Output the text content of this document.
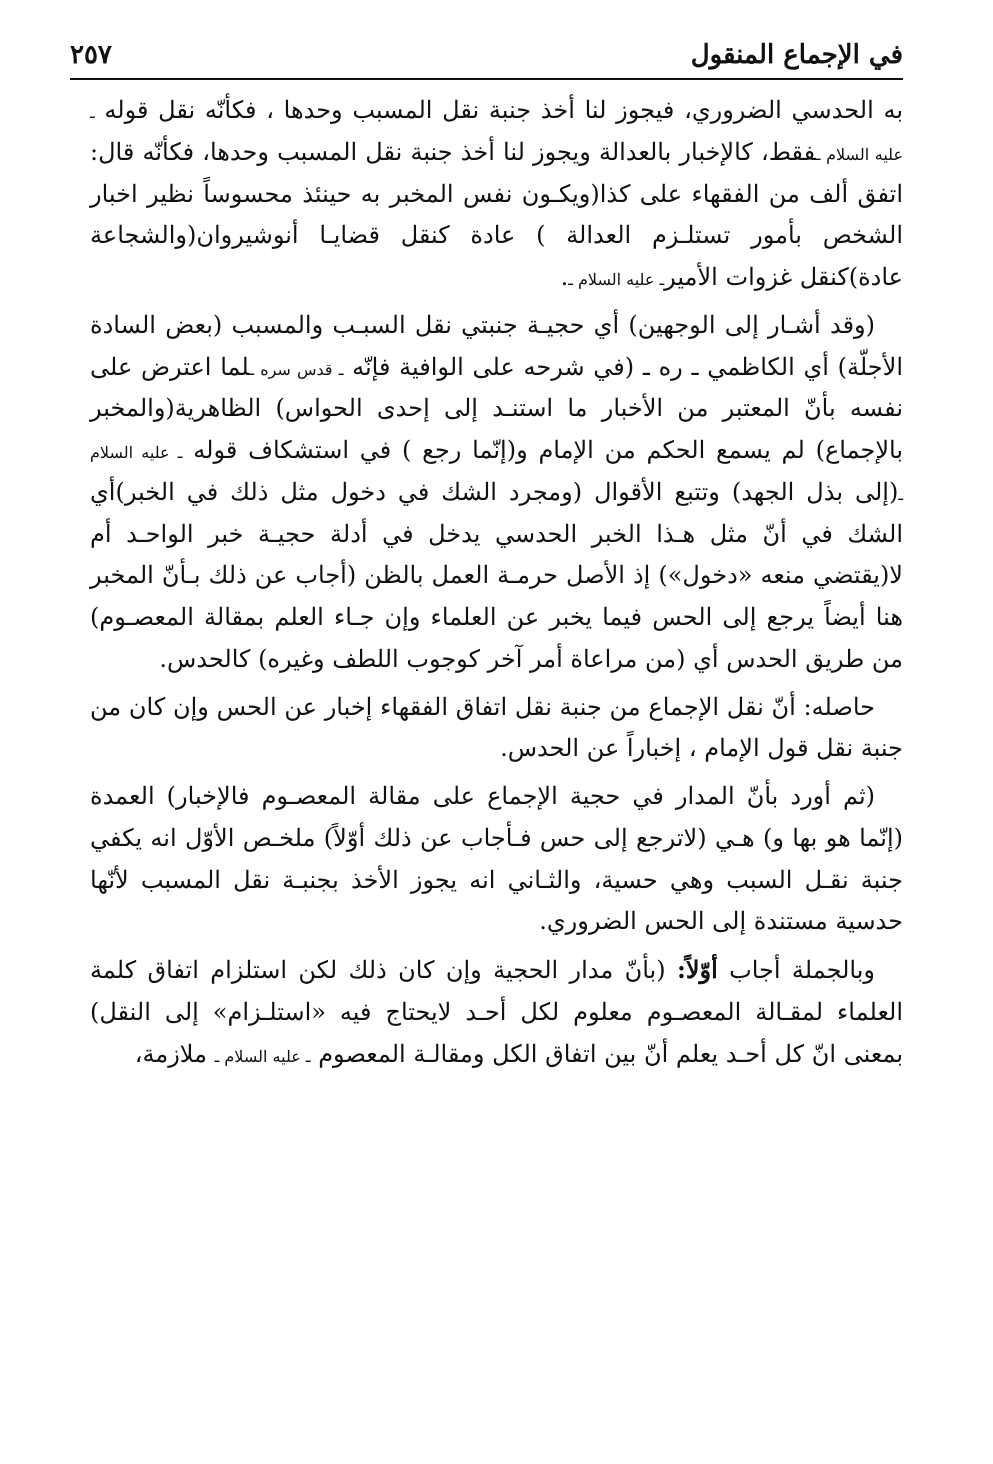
في الإجماع المنقول
٢٥٧

به الحدسي الضروري، فيجوز لنا أخذ جنبة نقل المسبب وحدها ، فكأنّه نقل قوله ـ عليه السلام ـفقط، كالإخبار بالعدالة ويجوز لنا أخذ جنبة نقل المسبب وحدها، فكأنّه قال: اتفق ألف من الفقهاء على كذا(ويكـون نفس المخبر به حينئذ محسوساً نظير اخبار الشخص بأمور تستلـزم العدالة ) عادة كنقل قضايـا أنوشيروان(والشجاعة عادة)كنقل غزوات الأميرـ عليه السلام ـ.

(وقد أشـار إلى الوجهين) أي حجيـة جنبتي نقل السبـب والمسبب (بعض السادة الأجلّة) أي الكاظمي ـ ره ـ (في شرحه على الوافية فإنّه ـ قدس سره ـلما اعترض على نفسه بأنّ المعتبر من الأخبار ما استنـد إلى إحدى الحواس) الظاهرية(والمخبر بالإجماع) لم يسمع الحكم من الإمام و(إنّما رجع ) في استشكاف قوله ـ عليه السلام ـ(إلى بذل الجهد) وتتبع الأقوال (ومجرد الشك في دخول مثل ذلك في الخبر)أي الشك في أنّ مثل هـذا الخبر الحدسي يدخل في أدلة حجيـة خبر الواحـد أم لا(يقتضي منعه «دخول») إذ الأصل حرمـة العمل بالظن (أجاب عن ذلك بـأنّ المخبر هنا أيضاً يرجع إلى الحس فيما يخبر عن العلماء وإن جـاء العلم بمقالة المعصـوم) من طريق الحدس أي (من مراعاة أمر آخر كوجوب اللطف وغيره) كالحدس.

حاصله: أنّ نقل الإجماع من جنبة نقل اتفاق الفقهاء إخبار عن الحس وإن كان من جنبة نقل قول الإمام ، إخباراً عن الحدس.

(ثم أورد بأنّ المدار في حجية الإجماع على مقالة المعصـوم فالإخبار) العمدة (إنّما هو بها و) هـي (لاترجع إلى حس فـأجاب عن ذلك أوّلاً) ملخـص الأوّل انه يكفي جنبة نقـل السبب وهي حسية، والثـاني انه يجوز الأخذ بجنبـة نقل المسبب لأنّها حدسية مستندة إلى الحس الضروري.

وبالجملة أجاب أوّلاً: (بأنّ مدار الحجية وإن كان ذلك لكن استلزام اتفاق كلمة العلماء لمقـالة المعصـوم معلوم لكل أحـد لايحتاج فيه «استلـزام» إلى النقل) بمعنى انّ كل أحـد يعلم أنّ بين اتفاق الكل ومقالـة المعصوم ـ عليه السلام ـ ملازمة،
